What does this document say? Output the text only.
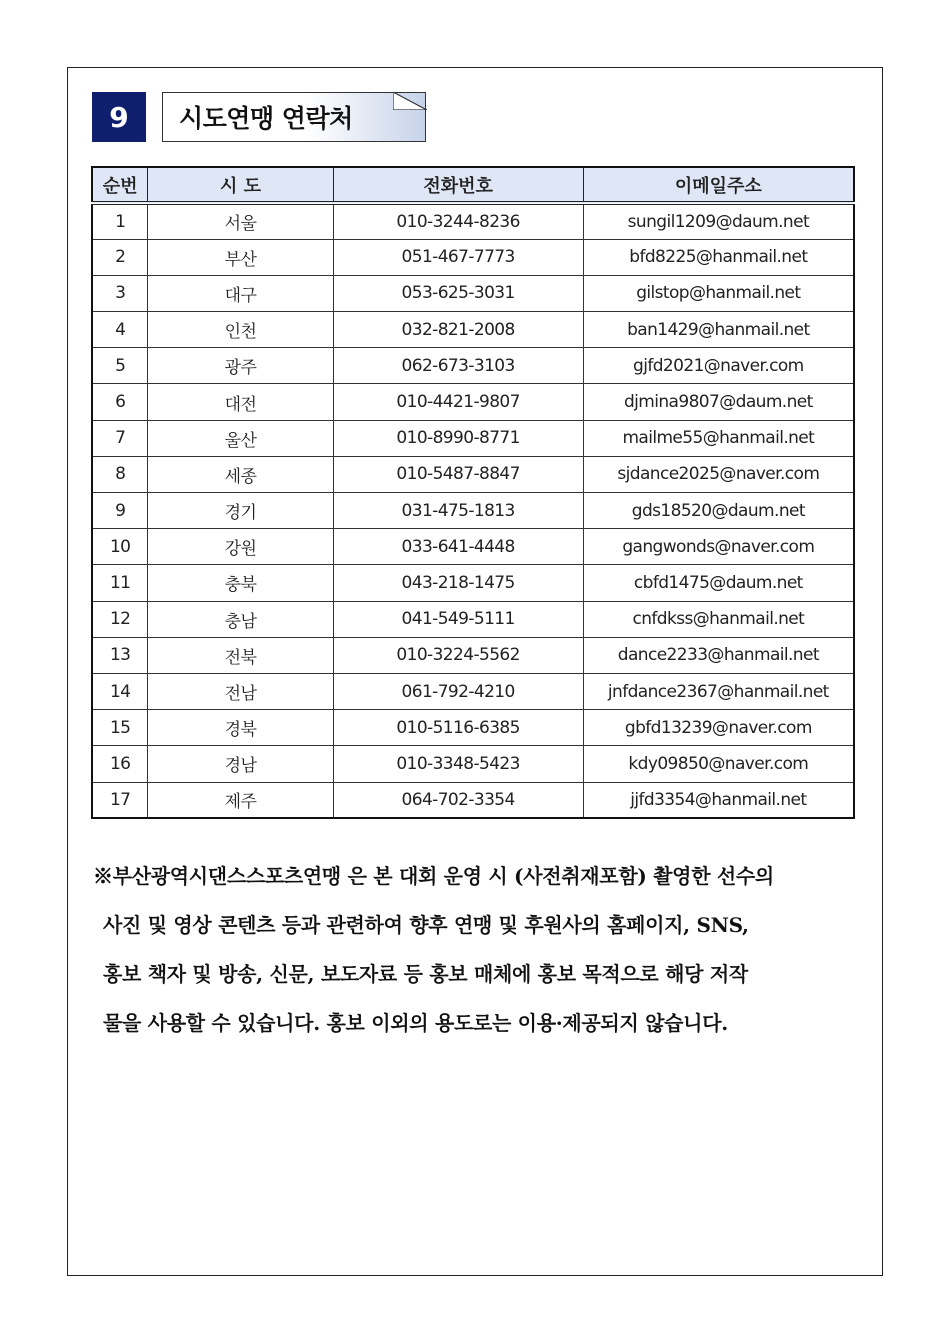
9	시도연맹 연락처
순번	시 도	전화번호	이메일주소
1	서울	010-3244-8236	sungil1209@daum.net
2	부산	051-467-7773	bfd8225@hanmail.net
3	대구	053-625-3031	gilstop@hanmail.net
4	인천	032-821-2008	ban1429@hanmail.net
5	광주	062-673-3103	gjfd2021@naver.com
6	대전	010-4421-9807	djmina9807@daum.net
7	울산	010-8990-8771	mailme55@hanmail.net
8	세종	010-5487-8847	sjdance2025@naver.com
9	경기	031-475-1813	gds18520@daum.net
10	강원	033-641-4448	gangwonds@naver.com
11	충북	043-218-1475	cbfd1475@daum.net
12	충남	041-549-5111	cnfdkss@hanmail.net
13	전북	010-3224-5562	dance2233@hanmail.net
14	전남	061-792-4210	jnfdance2367@hanmail.net
15	경북	010-5116-6385	gbfd13239@naver.com
16	경남	010-3348-5423	kdy09850@naver.com
17	제주	064-702-3354	jjfd3354@hanmail.net

※부산광역시댄스스포츠연맹 은 본 대회 운영 시 (사전취재포함) 촬영한 선수의

사진 및 영상 콘텐츠 등과 관련하여 향후 연맹 및 후원사의 홈페이지, SNS,

홍보 책자 및 방송, 신문, 보도자료 등 홍보 매체에 홍보 목적으로 해당 저작

물을 사용할 수 있습니다. 홍보 이외의 용도로는 이용·제공되지 않습니다.
